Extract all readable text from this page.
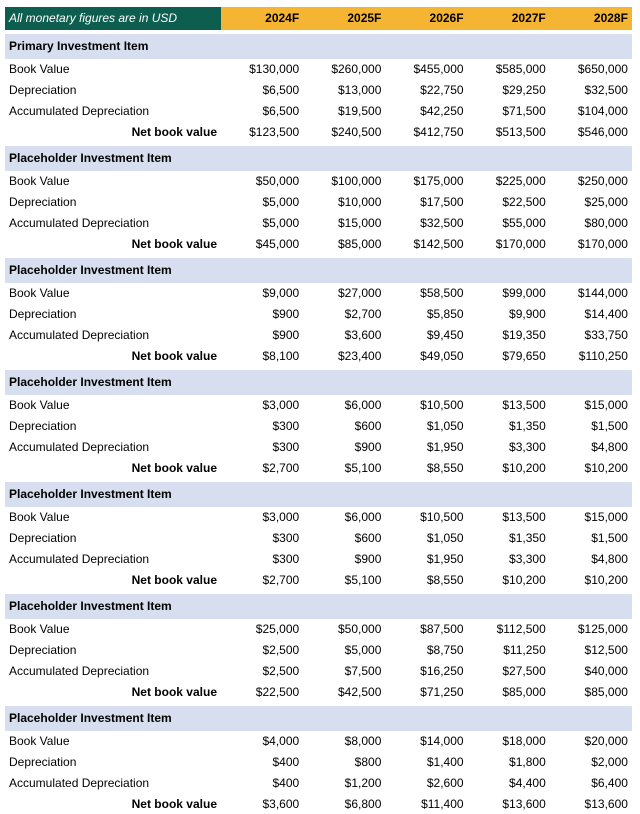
All monetary figures are in USD	2024F	2025F	2026F	2027F	2028F
Primary Investment Item
Book Value	$130,000	$260,000	$455,000	$585,000	$650,000
Depreciation	$6,500	$13,000	$22,750	$29,250	$32,500
Accumulated Depreciation	$6,500	$19,500	$42,250	$71,500	$104,000
Net book value	$123,500	$240,500	$412,750	$513,500	$546,000
Placeholder Investment Item
Book Value	$50,000	$100,000	$175,000	$225,000	$250,000
Depreciation	$5,000	$10,000	$17,500	$22,500	$25,000
Accumulated Depreciation	$5,000	$15,000	$32,500	$55,000	$80,000
Net book value	$45,000	$85,000	$142,500	$170,000	$170,000
Placeholder Investment Item
Book Value	$9,000	$27,000	$58,500	$99,000	$144,000
Depreciation	$900	$2,700	$5,850	$9,900	$14,400
Accumulated Depreciation	$900	$3,600	$9,450	$19,350	$33,750
Net book value	$8,100	$23,400	$49,050	$79,650	$110,250
Placeholder Investment Item
Book Value	$3,000	$6,000	$10,500	$13,500	$15,000
Depreciation	$300	$600	$1,050	$1,350	$1,500
Accumulated Depreciation	$300	$900	$1,950	$3,300	$4,800
Net book value	$2,700	$5,100	$8,550	$10,200	$10,200
Placeholder Investment Item
Book Value	$3,000	$6,000	$10,500	$13,500	$15,000
Depreciation	$300	$600	$1,050	$1,350	$1,500
Accumulated Depreciation	$300	$900	$1,950	$3,300	$4,800
Net book value	$2,700	$5,100	$8,550	$10,200	$10,200
Placeholder Investment Item
Book Value	$25,000	$50,000	$87,500	$112,500	$125,000
Depreciation	$2,500	$5,000	$8,750	$11,250	$12,500
Accumulated Depreciation	$2,500	$7,500	$16,250	$27,500	$40,000
Net book value	$22,500	$42,500	$71,250	$85,000	$85,000
Placeholder Investment Item
Book Value	$4,000	$8,000	$14,000	$18,000	$20,000
Depreciation	$400	$800	$1,400	$1,800	$2,000
Accumulated Depreciation	$400	$1,200	$2,600	$4,400	$6,400
Net book value	$3,600	$6,800	$11,400	$13,600	$13,600
